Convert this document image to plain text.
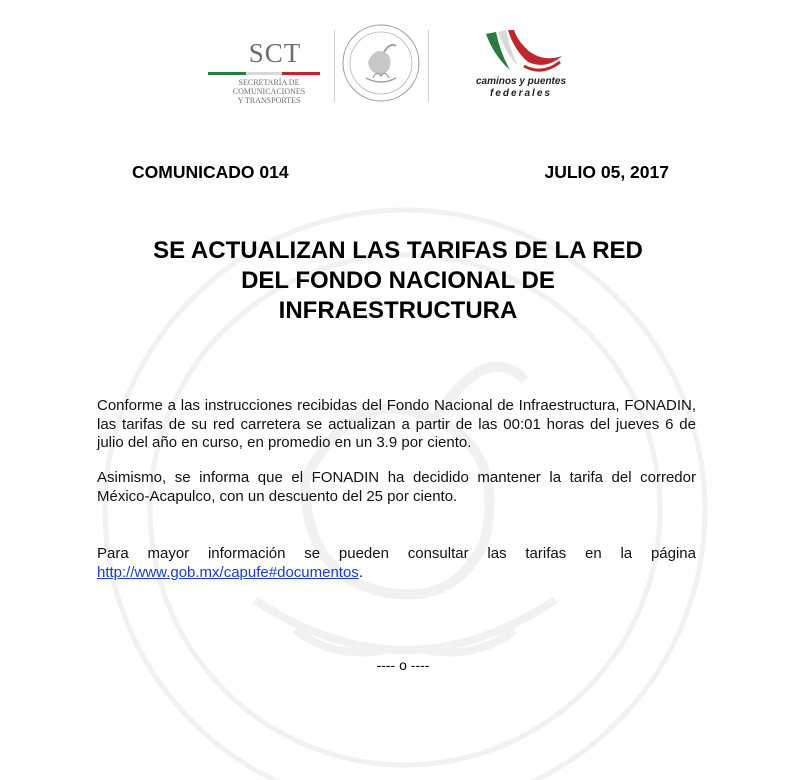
SCT
SECRETARÍA DE
COMUNICACIONES
Y TRANSPORTES
caminos y puentes
federales
COMUNICADO 014	JULIO 05, 2017
SE ACTUALIZAN LAS TARIFAS DE LA RED
DEL FONDO NACIONAL DE
INFRAESTRUCTURA
Conforme a las instrucciones recibidas del Fondo Nacional de Infraestructura, FONADIN, las tarifas de su red carretera se actualizan a partir de las 00:01 horas del jueves 6 de julio del año en curso, en promedio en un 3.9 por ciento.
Asimismo, se informa que el FONADIN ha decidido mantener la tarifa del corredor México-Acapulco, con un descuento del 25 por ciento.
Para mayor información se pueden consultar las tarifas en la página http://www.gob.mx/capufe#documentos.
---- o ----
